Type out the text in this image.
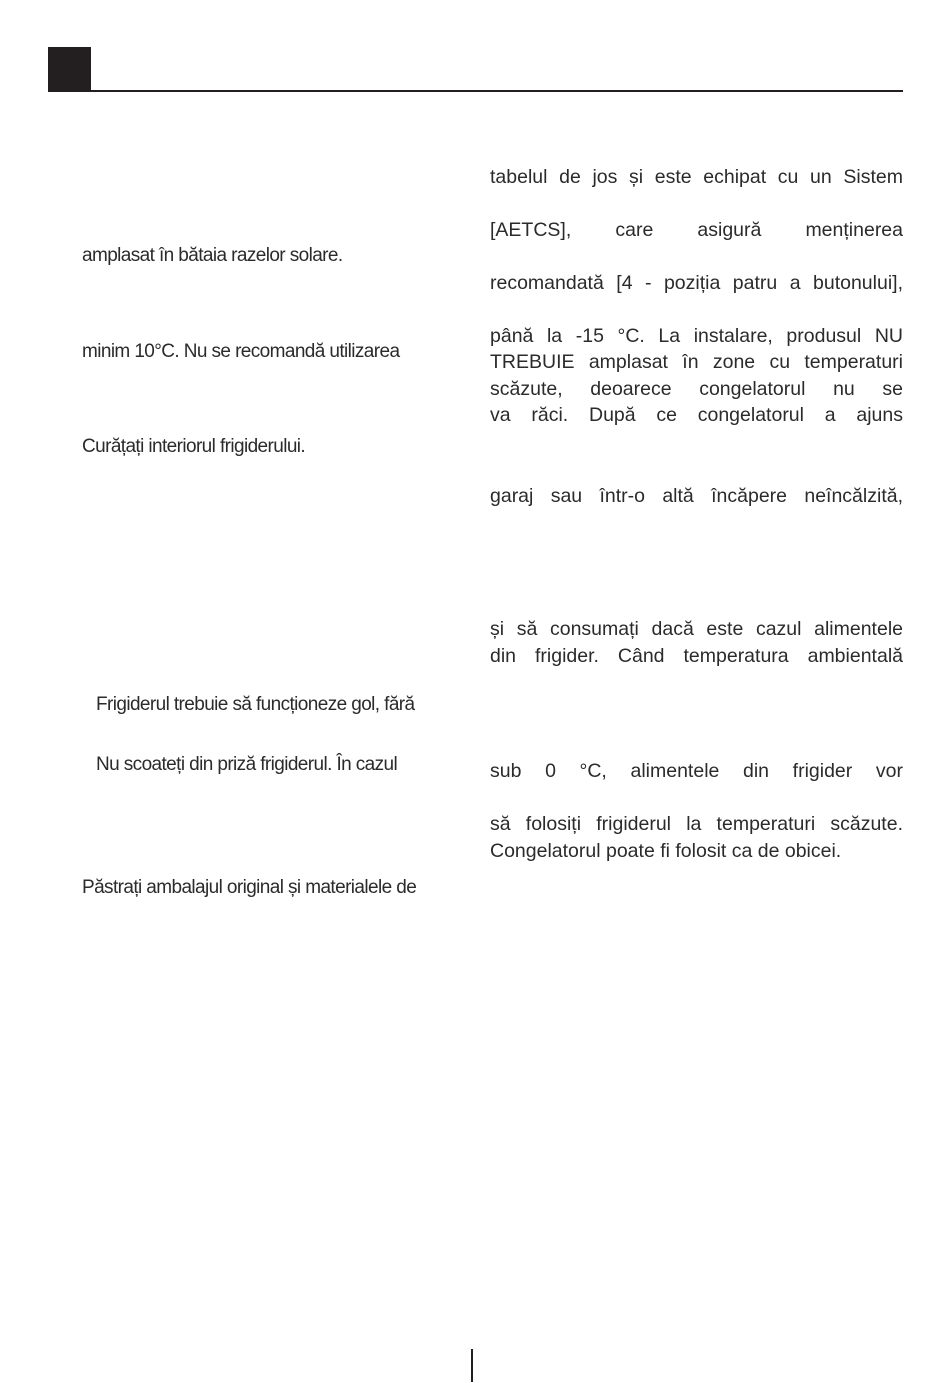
amplasat în bătaia razelor solare.
minim 10°C. Nu se recomandă utilizarea
Curățați interiorul frigiderului.
Frigiderul trebuie să funcționeze gol, fără
Nu scoateți din priză frigiderul. În cazul
Păstrați ambalajul original și materialele de
tabelul de jos și este echipat cu un Sistem
[AETCS], care asigură menținerea
recomandată [4 - poziția patru a butonului],
până la -15 °C. La instalare, produsul NU
TREBUIE amplasat în zone cu temperaturi
scăzute, deoarece congelatorul nu se
va răci. După ce congelatorul a ajuns
garaj sau într-o altă încăpere neîncălzită,
și să consumați dacă este cazul alimentele
din frigider. Când temperatura ambientală
sub 0 °C, alimentele din frigider vor
să folosiți frigiderul la temperaturi scăzute.
Congelatorul poate fi folosit ca de obicei.
